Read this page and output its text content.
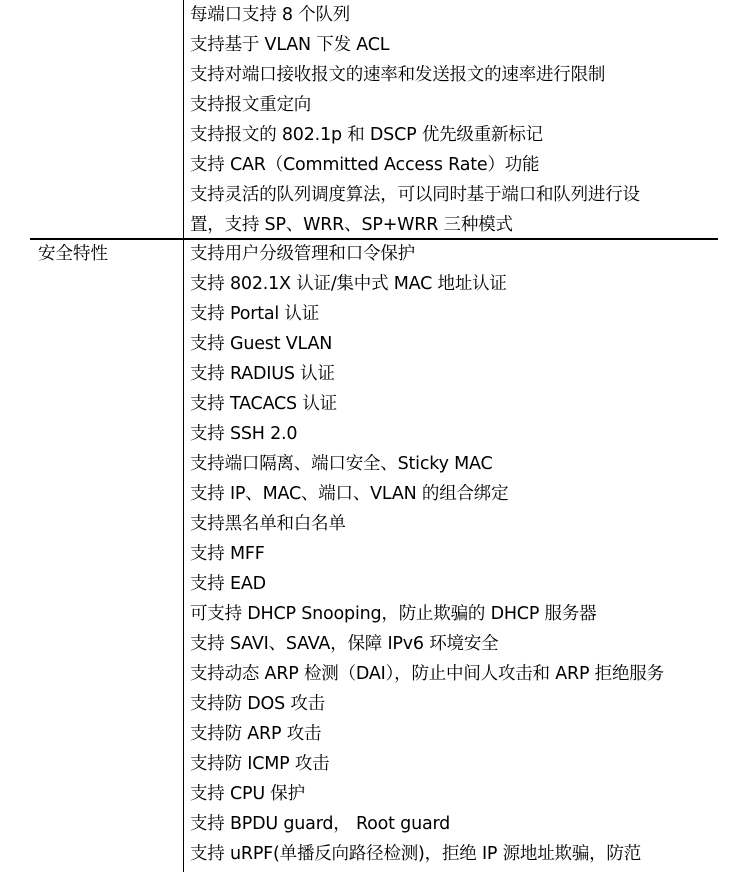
每端口支持 8 个队列
支持基于 VLAN 下发 ACL
支持对端口接收报文的速率和发送报文的速率进行限制
支持报文重定向
支持报文的 802.1p 和 DSCP 优先级重新标记
支持 CAR（Committed Access Rate）功能
支持灵活的队列调度算法，可以同时基于端口和队列进行设
置，支持 SP、WRR、SP+WRR 三种模式
安全特性	支持用户分级管理和口令保护
支持 802.1X 认证/集中式 MAC 地址认证
支持 Portal 认证
支持 Guest VLAN
支持 RADIUS 认证
支持 TACACS 认证
支持 SSH 2.0
支持端口隔离、端口安全、Sticky MAC
支持 IP、MAC、端口、VLAN 的组合绑定
支持黑名单和白名单
支持 MFF
支持 EAD
可支持 DHCP Snooping，防止欺骗的 DHCP 服务器
支持 SAVI、SAVA，保障 IPv6 环境安全
支持动态 ARP 检测（DAI），防止中间人攻击和 ARP 拒绝服务
支持防 DOS 攻击
支持防 ARP 攻击
支持防 ICMP 攻击
支持 CPU 保护
支持 BPDU guard， Root guard
支持 uRPF(单播反向路径检测)，拒绝 IP 源地址欺骗，防范
